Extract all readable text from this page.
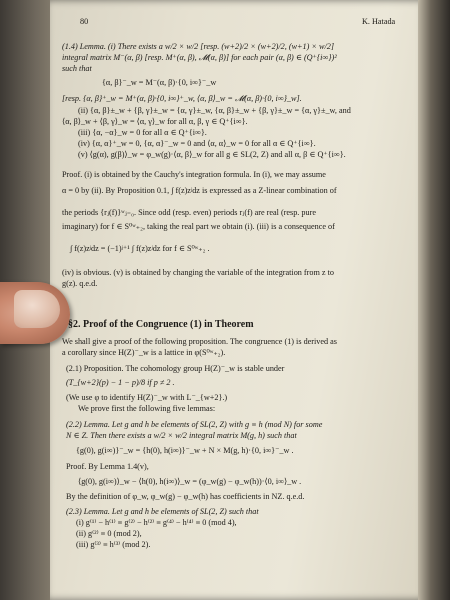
80	K. Hatada
(1.4) Lemma. (i) There exists a w/2 × w/2 [resp. (w+2)/2 × (w+2)/2, (w+1) × w/2]
integral matrix M⁻(α, β) [resp. M⁺(α, β), 𝓜(α, β)] for each pair (α, β) ∈ (Q⁺{i∞})²
such that
{α, β}⁻_w = M⁻(α, β)·{0, i∞}⁻_w
[resp. {α, β}⁺_w = M⁺(α, β)·{0, i∞}⁺_w, ⟨α, β⟩_w = 𝓜(α, β)·{0, i∞}_w].
(ii) {α, β}±_w + {β, γ}±_w = {α, γ}±_w, {α, β}±_w + {β, γ}±_w = {α, γ}±_w, and
⟨α, β⟩_w + ⟨β, γ⟩_w = ⟨α, γ⟩_w for all α, β, γ ∈ Q⁺{i∞}.
(iii) {α, −α}_w = 0 for all α ∈ Q⁺{i∞}.
(iv) {α, α}⁺_w = 0, {α, α}⁻_w = 0 and ⟨α, α⟩_w = 0 for all α ∈ Q⁺{i∞}.
(v) ⟨g(α), g(β)⟩_w = φ_w(g)·⟨α, β⟩_w for all g ∈ SL(2, Z) and all α, β ∈ Q⁺{i∞}.
Proof. (i) is obtained by the Cauchy's integration formula. In (i), we may assume
α = 0 by (ii). By Proposition 0.1, ∫ f(z)zʲdz is expressed as a Z-linear combination of
the periods {rⱼ(f)}ʷⱼ₌₀. Since odd (resp. even) periods rⱼ(f) are real (resp. pure
imaginary) for f ∈ S⁰ʷ₊₂, taking the real part we obtain (i). (iii) is a consequence of
∫ f(z)zʲdz = (−1)ʲ⁺¹ ∫ f(z)zʲdz for f ∈ S⁰ʷ₊₂ .
(iv) is obvious. (v) is obtained by changing the variable of the integration from z to
g(z). q.e.d.
§2. Proof of the Congruence (1) in Theorem
We shall give a proof of the following proposition. The congruence (1) is derived as
a corollary since H(Z)⁻_w is a lattice in φ(S⁰ʷ₊₂).
(2.1) Proposition. The cohomology group H(Z)⁻_w is stable under
(T_{w+2}(p) − 1 − p)/8 if p ≠ 2 .
(We use φ to identify H(Z)⁻_w with L⁻_{w+2}.)
We prove first the following five lemmas:
(2.2) Lemma. Let g and h be elements of SL(2, Z) with g ≡ h (mod N) for some
N ∈ Z. Then there exists a w/2 × w/2 integral matrix M(g, h) such that
{g(0), g(i∞)}⁻_w = {h(0), h(i∞)}⁻_w + N × M(g, h)·{0, i∞}⁻_w .
Proof. By Lemma 1.4(v),
⟨g(0), g(i∞)⟩_w − ⟨h(0), h(i∞)⟩_w = (φ_w(g) − φ_w(h))·⟨0, i∞⟩_w .
By the definition of φ_w, φ_w(g) − φ_w(h) has coefficients in NZ. q.e.d.
(2.3) Lemma. Let g and h be elements of SL(2, Z) such that
(i) g⁽¹⁾ − h⁽¹⁾ ≡ g⁽²⁾ − h⁽²⁾ ≡ g⁽⁴⁾ − h⁽⁴⁾ ≡ 0 (mod 4),
(ii) g⁽²⁾ ≡ 0 (mod 2),
(iii) g⁽³⁾ ≡ h⁽³⁾ (mod 2).
